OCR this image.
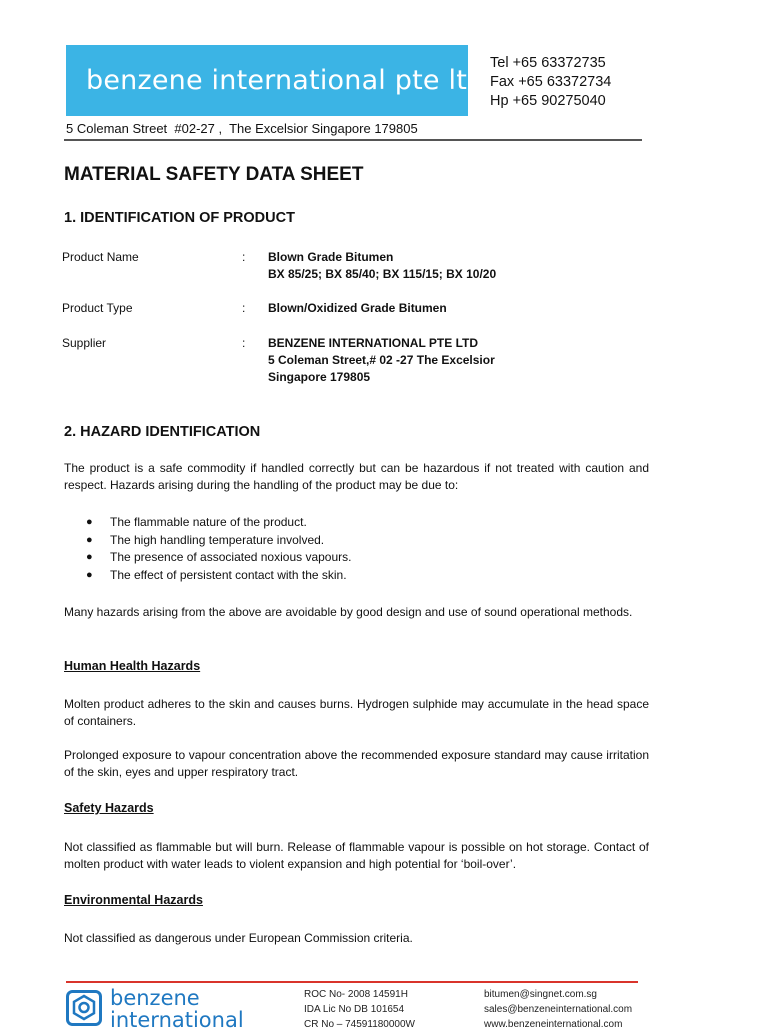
benzene international pte ltd
Tel +65 63372735
Fax +65 63372734
Hp +65 90275040
5 Coleman Street  #02-27 ,  The Excelsior Singapore 179805
MATERIAL SAFETY DATA SHEET
1. IDENTIFICATION OF PRODUCT
Product Name	: Blown Grade Bitumen
BX 85/25; BX 85/40; BX 115/15; BX 10/20
Product Type	: Blown/Oxidized Grade Bitumen
Supplier	: BENZENE INTERNATIONAL PTE LTD
5 Coleman Street,# 02 -27 The Excelsior
Singapore 179805
2. HAZARD IDENTIFICATION
The product is a safe commodity if handled correctly but can be hazardous if not treated with caution and respect. Hazards arising during the handling of the product may be due to:
●	The flammable nature of the product.
●	The high handling temperature involved.
●	The presence of associated noxious vapours.
●	The effect of persistent contact with the skin.
Many hazards arising from the above are avoidable by good design and use of sound operational methods.
Human Health Hazards
Molten product adheres to the skin and causes burns. Hydrogen sulphide may accumulate in the head space of containers.
Prolonged exposure to vapour concentration above the recommended exposure standard may cause irritation of the skin, eyes and upper respiratory tract.
Safety Hazards
Not classified as flammable but will burn. Release of flammable vapour is possible on hot storage. Contact of molten product with water leads to violent expansion and high potential for ‘boil-over’.
Environmental Hazards
Not classified as dangerous under European Commission criteria.
benzene
international
ROC No- 2008 14591H
IDA Lic No DB 101654
CR No – 74591180000W
bitumen@singnet.com.sg
sales@benzeneinternational.com
www.benzeneinternational.com
